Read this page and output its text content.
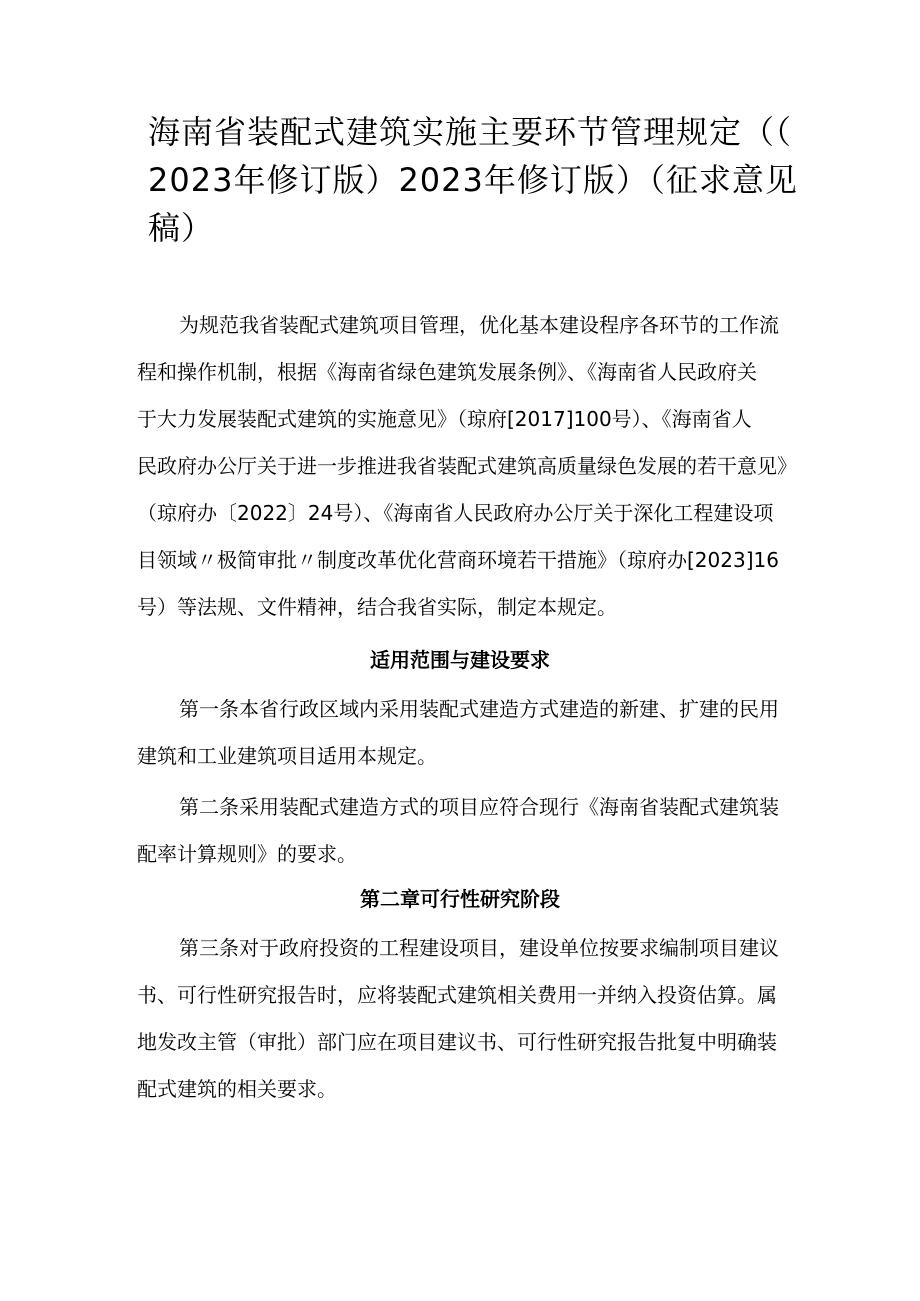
海南省装配式建筑实施主要环节管理规定（（
2023年修订版）2023年修订版）（征求意见
稿）
为规范我省装配式建筑项目管理，优化基本建设程序各环节的工作流
程和操作机制，根据《海南省绿色建筑发展条例》、《海南省人民政府关
于大力发展装配式建筑的实施意见》（琼府[2017]100号）、《海南省人
民政府办公厅关于进一步推进我省装配式建筑高质量绿色发展的若干意见》
（琼府办〔2022〕24号）、《海南省人民政府办公厅关于深化工程建设项
目领域〃极简审批〃制度改革优化营商环境若干措施》（琼府办[2023]16
号）等法规、文件精神，结合我省实际，制定本规定。
适用范围与建设要求
第一条本省行政区域内采用装配式建造方式建造的新建、扩建的民用
建筑和工业建筑项目适用本规定。
第二条采用装配式建造方式的项目应符合现行《海南省装配式建筑装
配率计算规则》的要求。
第二章可行性研究阶段
第三条对于政府投资的工程建设项目，建设单位按要求编制项目建议
书、可行性研究报告时，应将装配式建筑相关费用一并纳入投资估算。属
地发改主管（审批）部门应在项目建议书、可行性研究报告批复中明确装
配式建筑的相关要求。
